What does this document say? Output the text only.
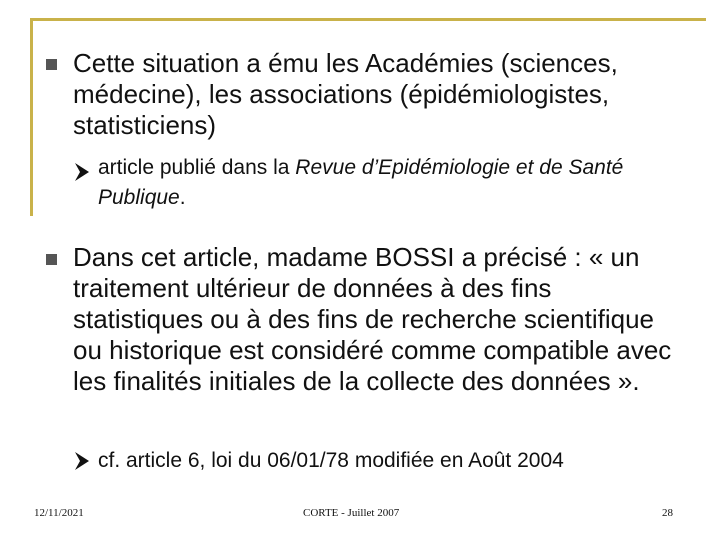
Cette situation a ému les Académies (sciences, médecine), les associations (épidémiologistes, statisticiens)
article publié dans la Revue d’Epidémiologie et de Santé Publique.
Dans cet article, madame BOSSI a précisé : « un traitement ultérieur de données à des fins statistiques ou à des fins de recherche scientifique ou historique est considéré comme compatible avec les finalités initiales de la collecte des données ».
cf. article 6, loi du 06/01/78 modifiée en Août 2004
12/11/2021	CORTE - Juillet 2007	28
